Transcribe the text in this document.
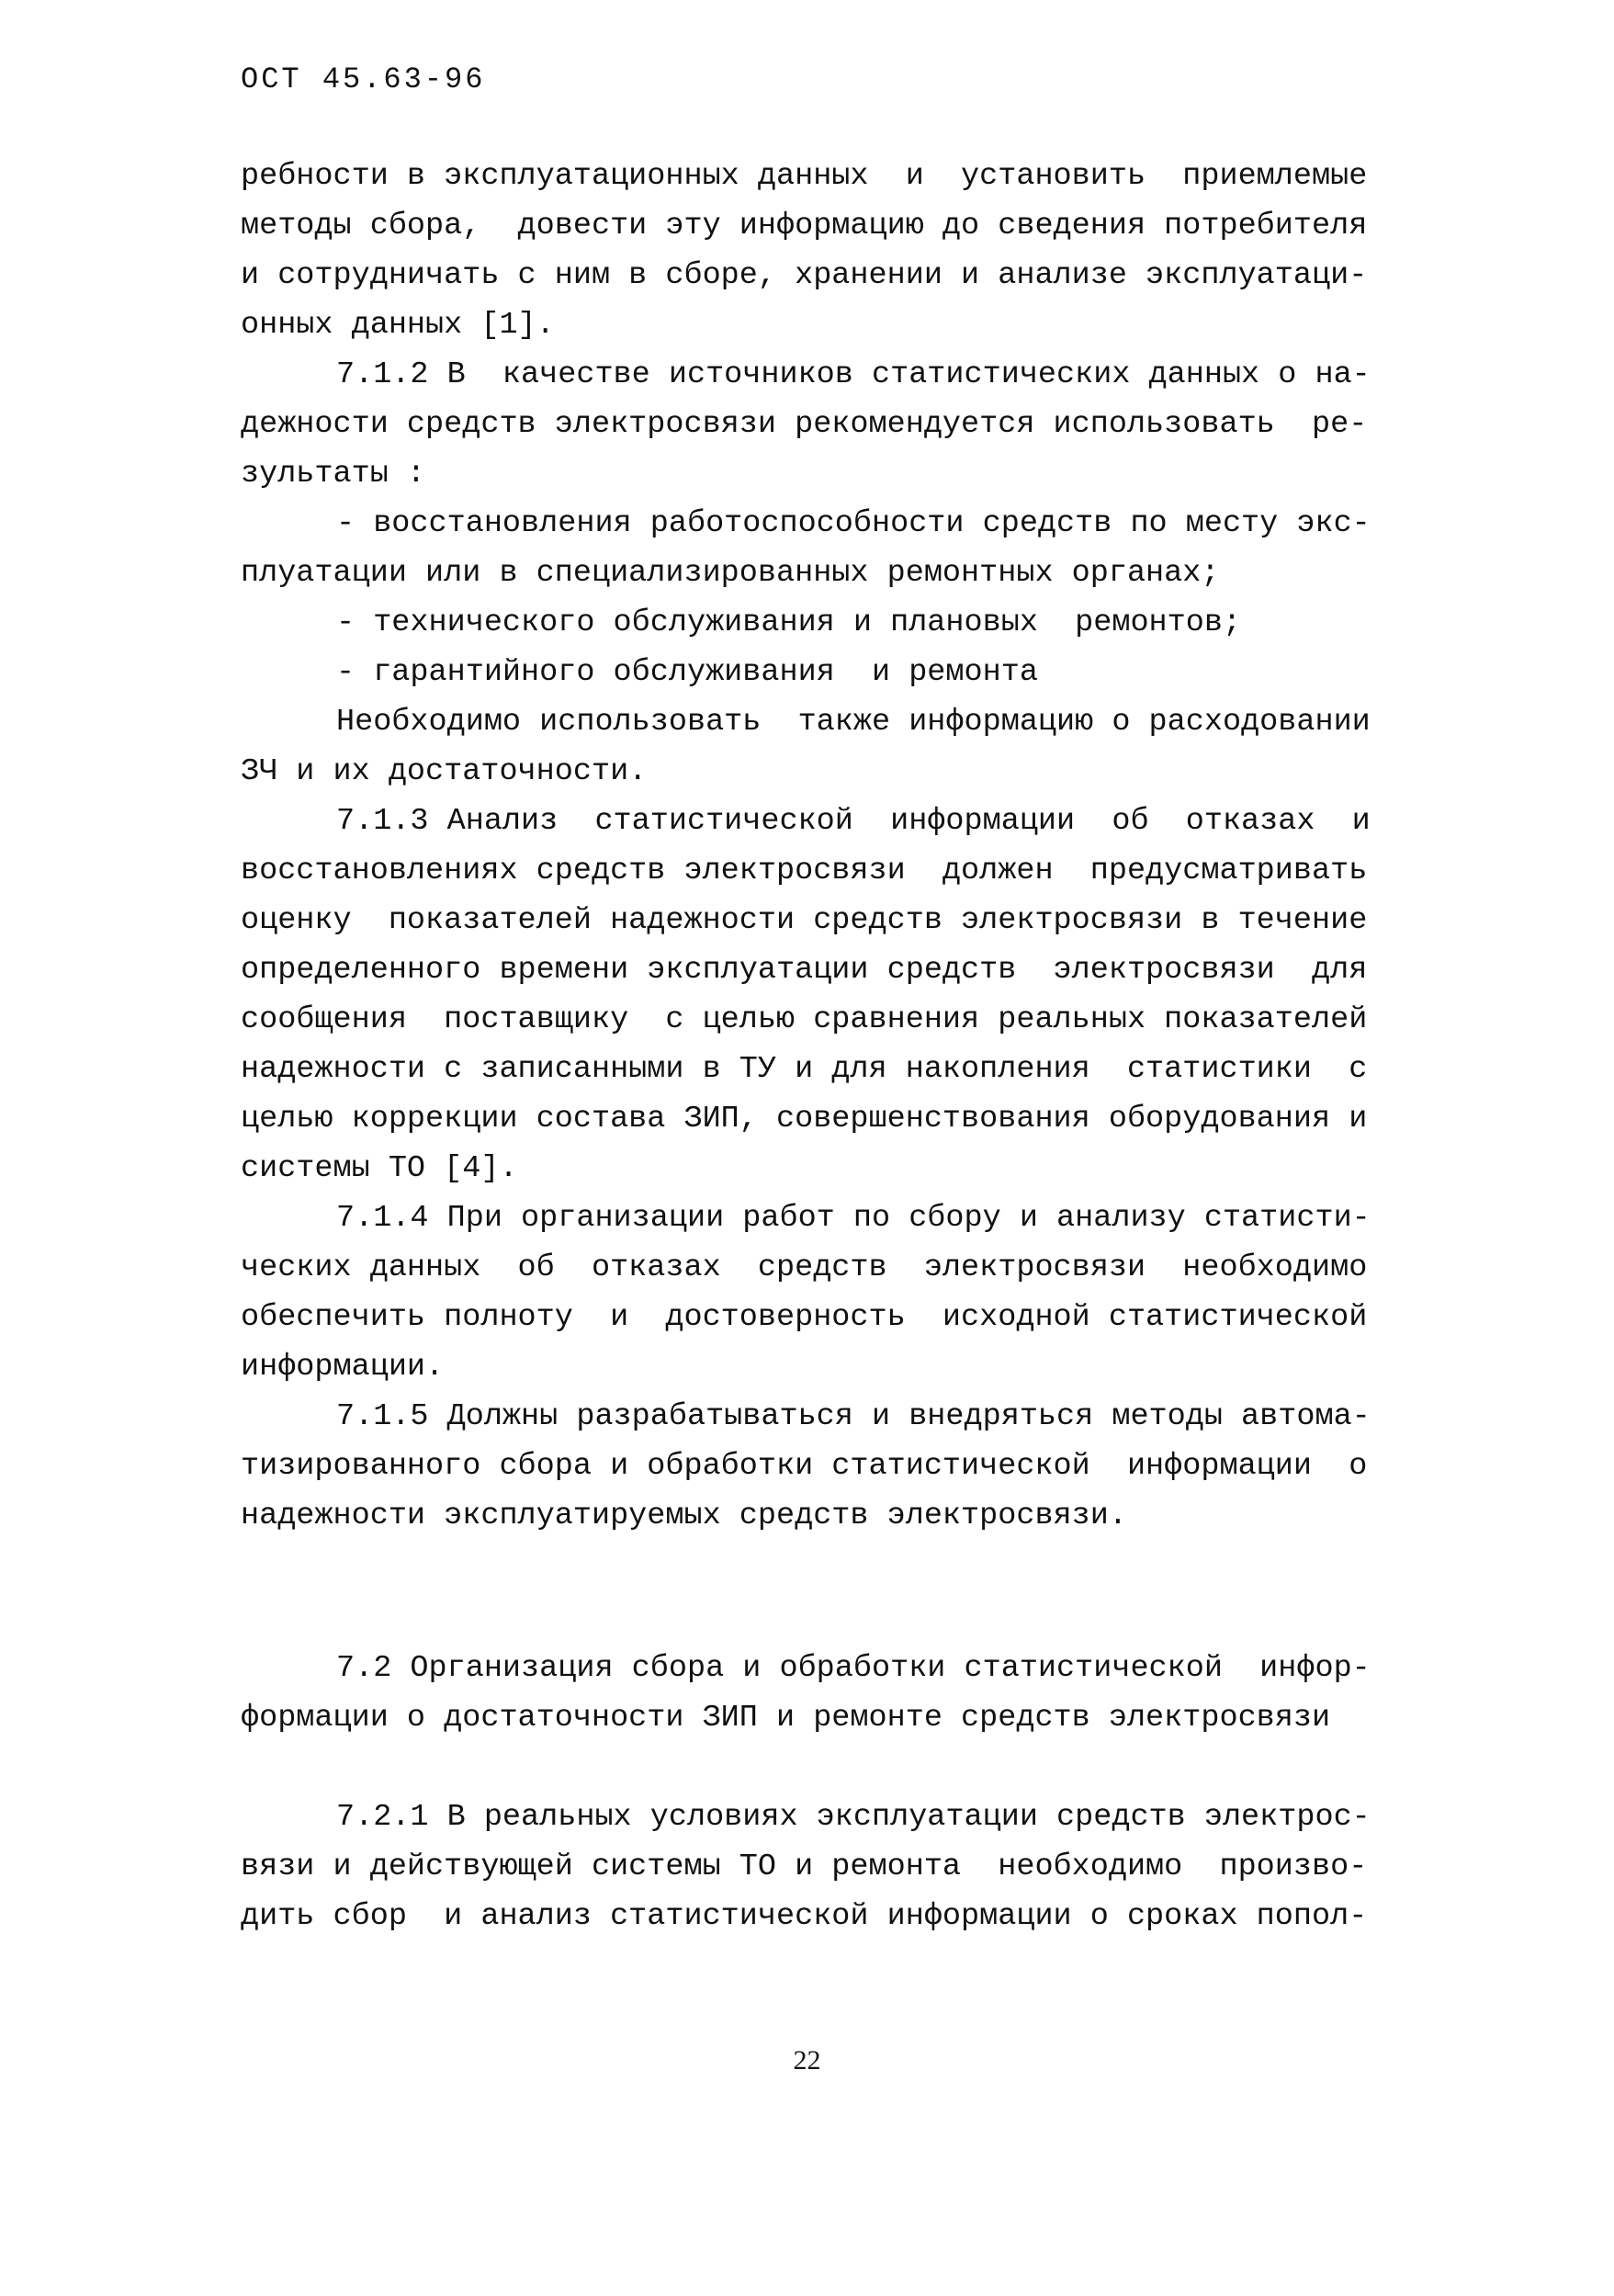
ОСТ 45.63-96
ребности в эксплуатационных данных  и  установить  приемлемые
методы сбора,  довести эту информацию до сведения потребителя
и сотрудничать с ним в сборе, хранении и анализе эксплуатаци-
онных данных [1].
7.1.2 В  качестве источников статистических данных о на-
дежности средств электросвязи рекомендуется использовать  ре-
зультаты :
- восстановления работоспособности средств по месту экс-
плуатации или в специализированных ремонтных органах;
- технического обслуживания и плановых  ремонтов;
- гарантийного обслуживания  и ремонта
Необходимо использовать  также информацию о расходовании
ЗЧ и их достаточности.
7.1.3 Анализ  статистической  информации  об  отказах  и
восстановлениях средств электросвязи  должен  предусматривать
оценку  показателей надежности средств электросвязи в течение
определенного времени эксплуатации средств  электросвязи  для
сообщения  поставщику  с целью сравнения реальных показателей
надежности с записанными в ТУ и для накопления  статистики  с
целью коррекции состава ЗИП, совершенствования оборудования и
системы ТО [4].
7.1.4 При организации работ по сбору и анализу статисти-
ческих данных  об  отказах  средств  электросвязи  необходимо
обеспечить полноту  и  достоверность  исходной статистической
информации.
7.1.5 Должны разрабатываться и внедряться методы автома-
тизированного сбора и обработки статистической  информации  о
надежности эксплуатируемых средств электросвязи.
7.2 Организация сбора и обработки статистической  инфор-
формации о достаточности ЗИП и ремонте средств электросвязи
7.2.1 В реальных условиях эксплуатации средств электрос-
вязи и действующей системы ТО и ремонта  необходимо  произво-
дить сбор  и анализ статистической информации о сроках попол-
22
